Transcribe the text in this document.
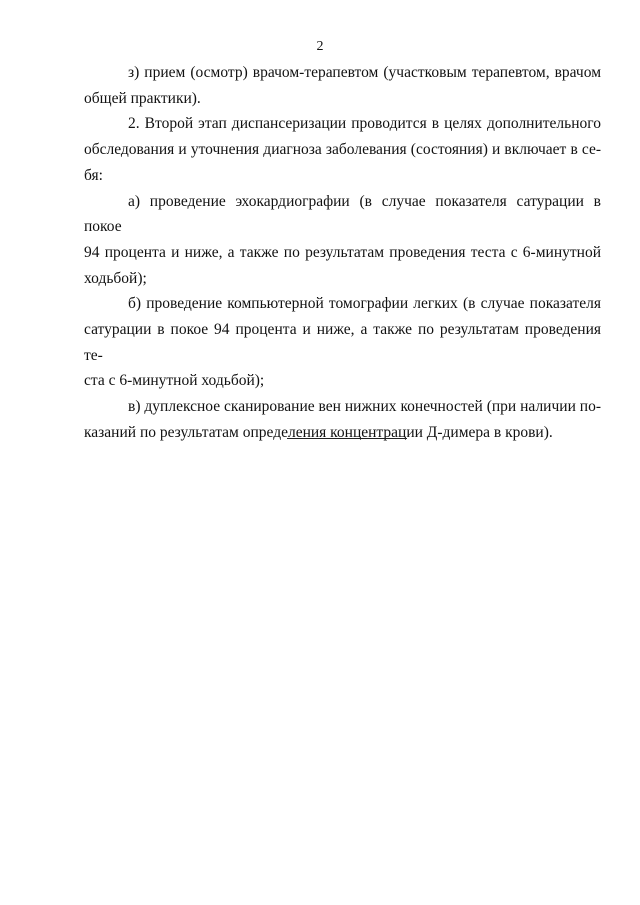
2

з) прием (осмотр) врачом-терапевтом (участковым терапевтом, врачом
общей практики).

2. Второй этап диспансеризации проводится в целях дополнительного
обследования и уточнения диагноза заболевания (состояния) и включает в се-
бя:

а) проведение эхокардиографии (в случае показателя сатурации в покое
94 процента и ниже, а также по результатам проведения теста с 6-минутной
ходьбой);

б) проведение компьютерной томографии легких (в случае показателя
сатурации в покое 94 процента и ниже, а также по результатам проведения те-
ста с 6-минутной ходьбой);

в) дуплексное сканирование вен нижних конечностей (при наличии по-
казаний по результатам определения концентрации Д-димера в крови).
